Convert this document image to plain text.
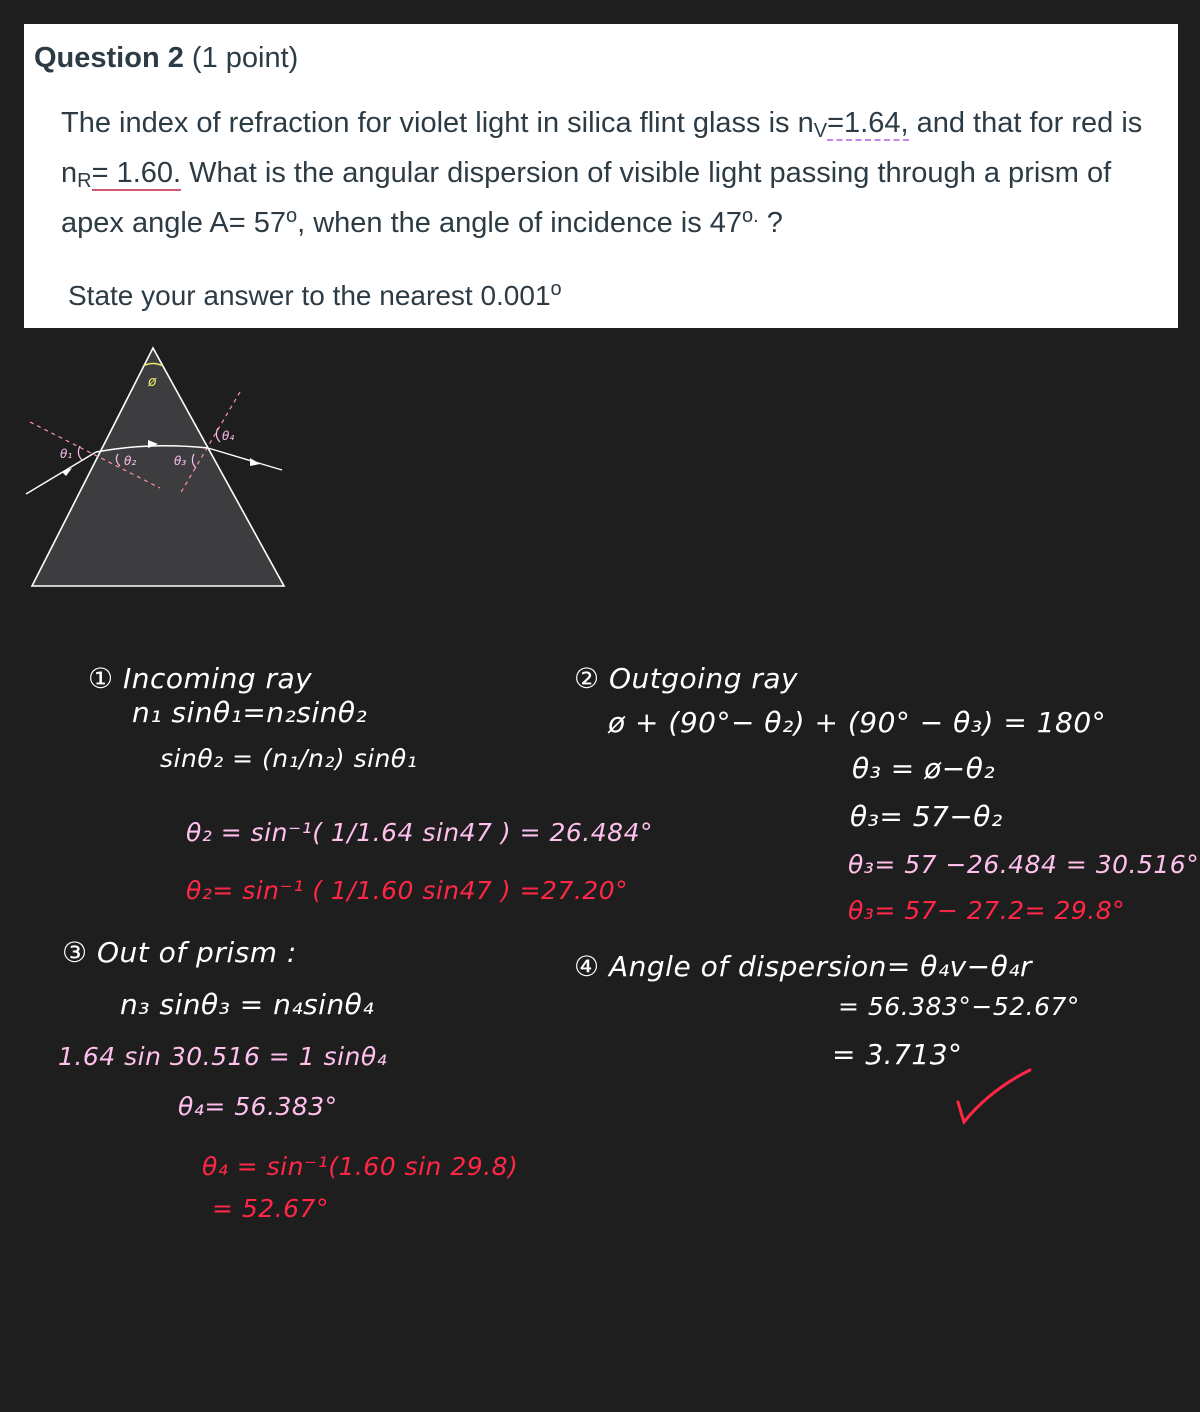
Question 2 (1 point)
The index of refraction for violet light in silica flint glass is $n_V=1.64$, and that for red is $n_R= 1.60$. What is the angular dispersion of visible light passing through a prism of apex angle $A= 57^o$, when the angle of incidence is $47^{o.}$ ?
State your answer to the nearest 0.001$^o$
ø
θ₁	θ₂	θ₃
θ₄
① Incoming ray
n₁ sinθ₁=n₂sinθ₂
sinθ₂ = (n₁/n₂) sinθ₁
θ₂ = sin⁻¹( 1/1.64 sin47 ) = 26.484°
θ₂= sin⁻¹ ( 1/1.60 sin47 ) =27.20°
③ Out of prism :
n₃ sinθ₃ = n₄sinθ₄
1.64 sin 30.516 = 1 sinθ₄
θ₄= 56.383°
θ₄ = sin⁻¹(1.60 sin 29.8)
= 52.67°
② Outgoing ray
ø + (90°− θ₂) + (90° − θ₃) = 180°
θ₃ = ø−θ₂
θ₃= 57−θ₂
θ₃= 57 −26.484 = 30.516°
θ₃= 57− 27.2= 29.8°
④ Angle of dispersion= θ₄v−θ₄r
= 56.383°−52.67°
= 3.713°
